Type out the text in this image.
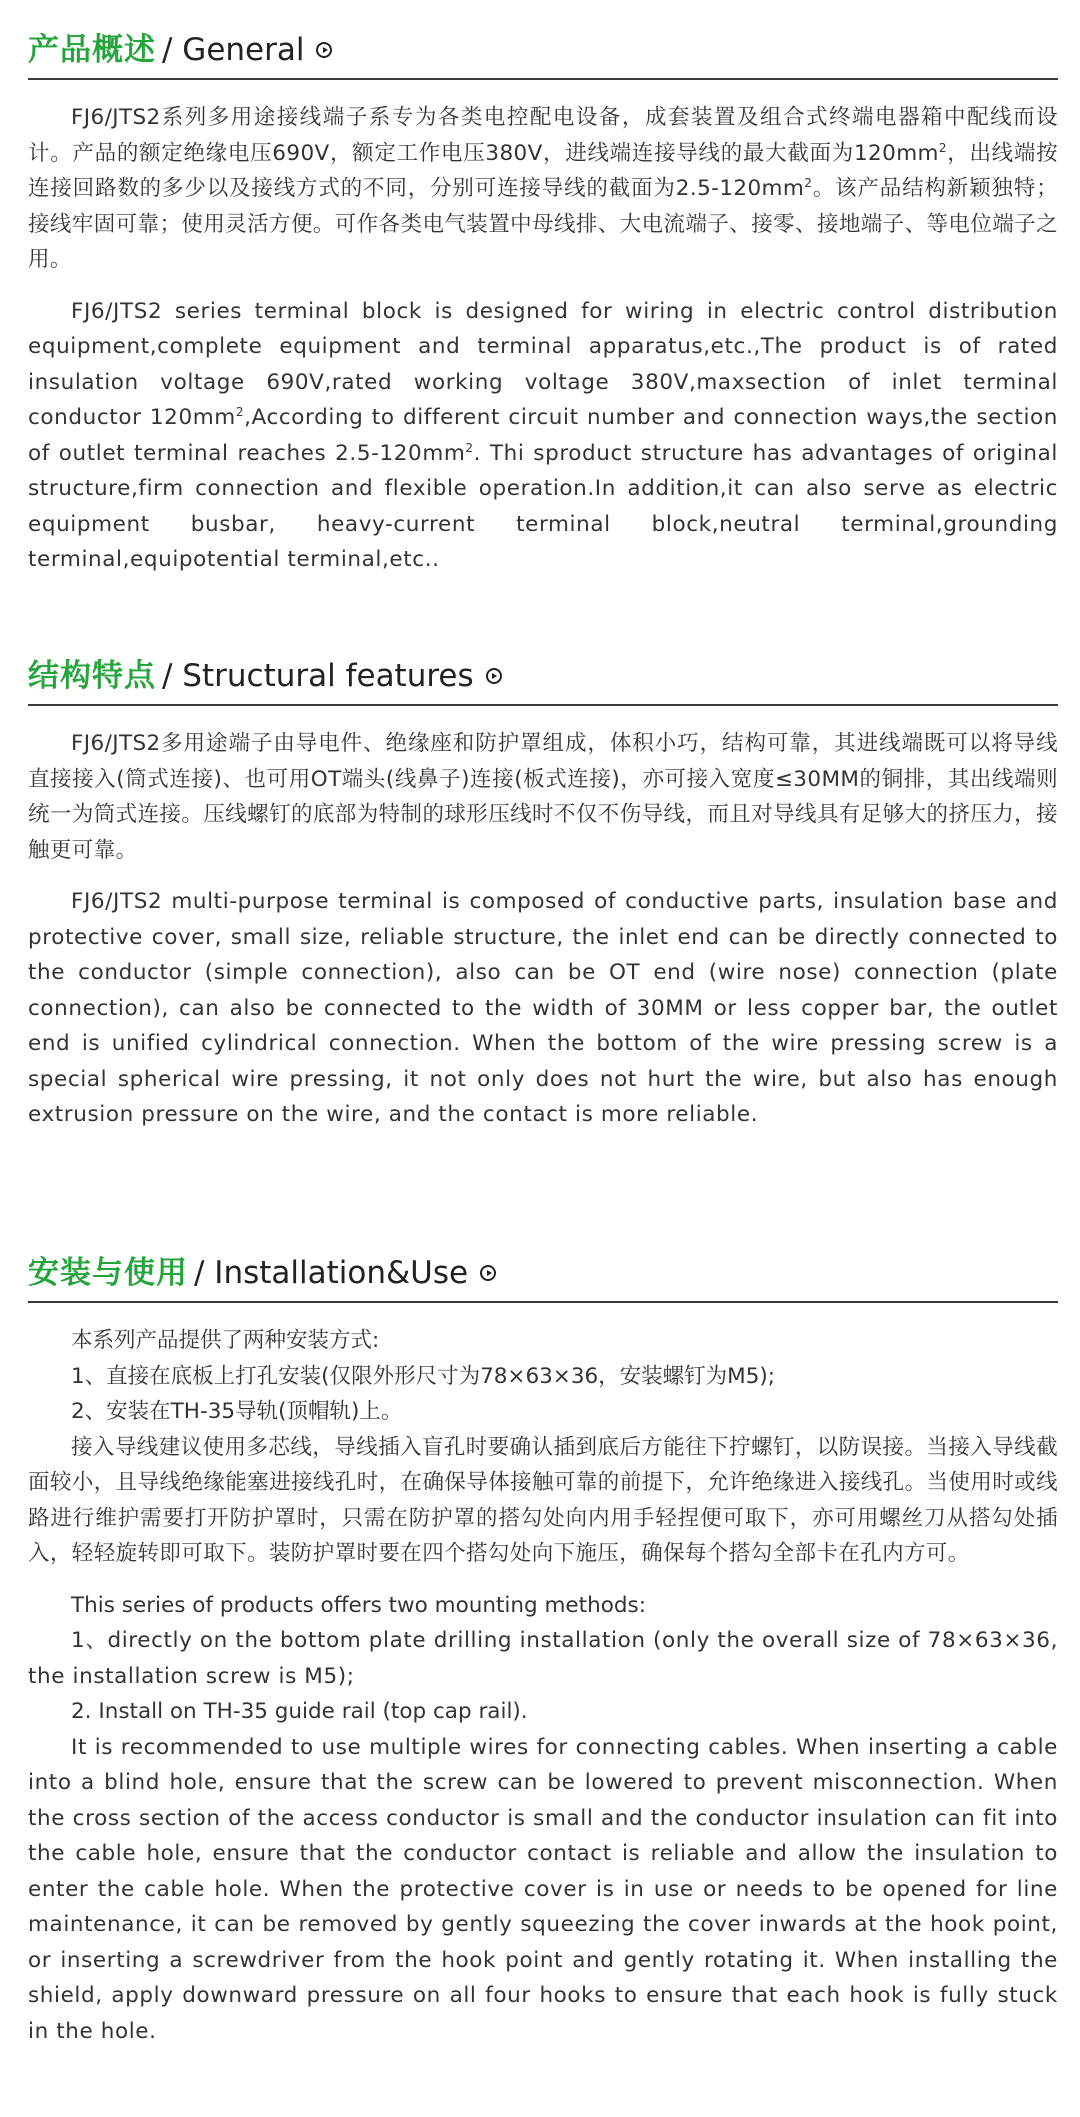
产品概述 / General

FJ6/JTS2系列多用途接线端子系专为各类电控配电设备，成套装置及组合式终端电器箱中配线而设计。产品的额定绝缘电压690V，额定工作电压380V，进线端连接导线的最大截面为$120mm^2$，出线端按连接回路数的多少以及接线方式的不同，分别可连接导线的截面为$2.5-120mm^2$。该产品结构新颖独特；接线牢固可靠；使用灵活方便。可作各类电气装置中母线排、大电流端子、接零、接地端子、等电位端子之用。

FJ6/JTS2 series terminal block is designed for wiring in electric control distribution equipment,complete equipment and terminal apparatus,etc.,The product is of rated insulation voltage 690V,rated working voltage 380V,maxsection of inlet terminal conductor $120mm^2,According$ to different circuit number and connection ways,the section of outlet terminal reaches $2.5-120mm^2$. Thi sproduct structure has advantages of original structure,firm connection and flexible operation.In addition,it can also serve as electric equipment busbar, heavy-current terminal block,neutral terminal,grounding terminal,equipotential terminal,etc..

结构特点 / Structural features

FJ6/JTS2多用途端子由导电件、绝缘座和防护罩组成，体积小巧，结构可靠，其进线端既可以将导线直接接入(筒式连接)、也可用OT端头(线鼻子)连接(板式连接)，亦可接入宽度≤30MM的铜排，其出线端则统一为筒式连接。压线螺钉的底部为特制的球形压线时不仅不伤导线，而且对导线具有足够大的挤压力，接触更可靠。

FJ6/JTS2 multi-purpose terminal is composed of conductive parts, insulation base and protective cover, small size, reliable structure, the inlet end can be directly connected to the conductor (simple connection), also can be OT end (wire nose) connection (plate connection), can also be connected to the width of 30MM or less copper bar, the outlet end is unified cylindrical connection. When the bottom of the wire pressing screw is a special spherical wire pressing, it not only does not hurt the wire, but also has enough extrusion pressure on the wire, and the contact is more reliable.

安装与使用 / Installation&Use

本系列产品提供了两种安装方式:

1、直接在底板上打孔安装(仅限外形尺寸为78×63×36，安装螺钉为M5);

2、安装在TH-35导轨(顶帽轨)上。

接入导线建议使用多芯线，导线插入盲孔时要确认插到底后方能往下拧螺钉，以防误接。当接入导线截面较小，且导线绝缘能塞进接线孔时，在确保导体接触可靠的前提下，允许绝缘进入接线孔。当使用时或线路进行维护需要打开防护罩时，只需在防护罩的搭勾处向内用手轻捏便可取下，亦可用螺丝刀从搭勾处插入，轻轻旋转即可取下。装防护罩时要在四个搭勾处向下施压，确保每个搭勾全部卡在孔内方可。

This series of products offers two mounting methods:

1、directly on the bottom plate drilling installation (only the overall size of 78×63×36, the installation screw is M5);

2. Install on TH-35 guide rail (top cap rail).

It is recommended to use multiple wires for connecting cables. When inserting a cable into a blind hole, ensure that the screw can be lowered to prevent misconnection. When the cross section of the access conductor is small and the conductor insulation can fit into the cable hole, ensure that the conductor contact is reliable and allow the insulation to enter the cable hole. When the protective cover is in use or needs to be opened for line maintenance, it can be removed by gently squeezing the cover inwards at the hook point, or inserting a screwdriver from the hook point and gently rotating it. When installing the shield, apply downward pressure on all four hooks to ensure that each hook is fully stuck in the hole.
